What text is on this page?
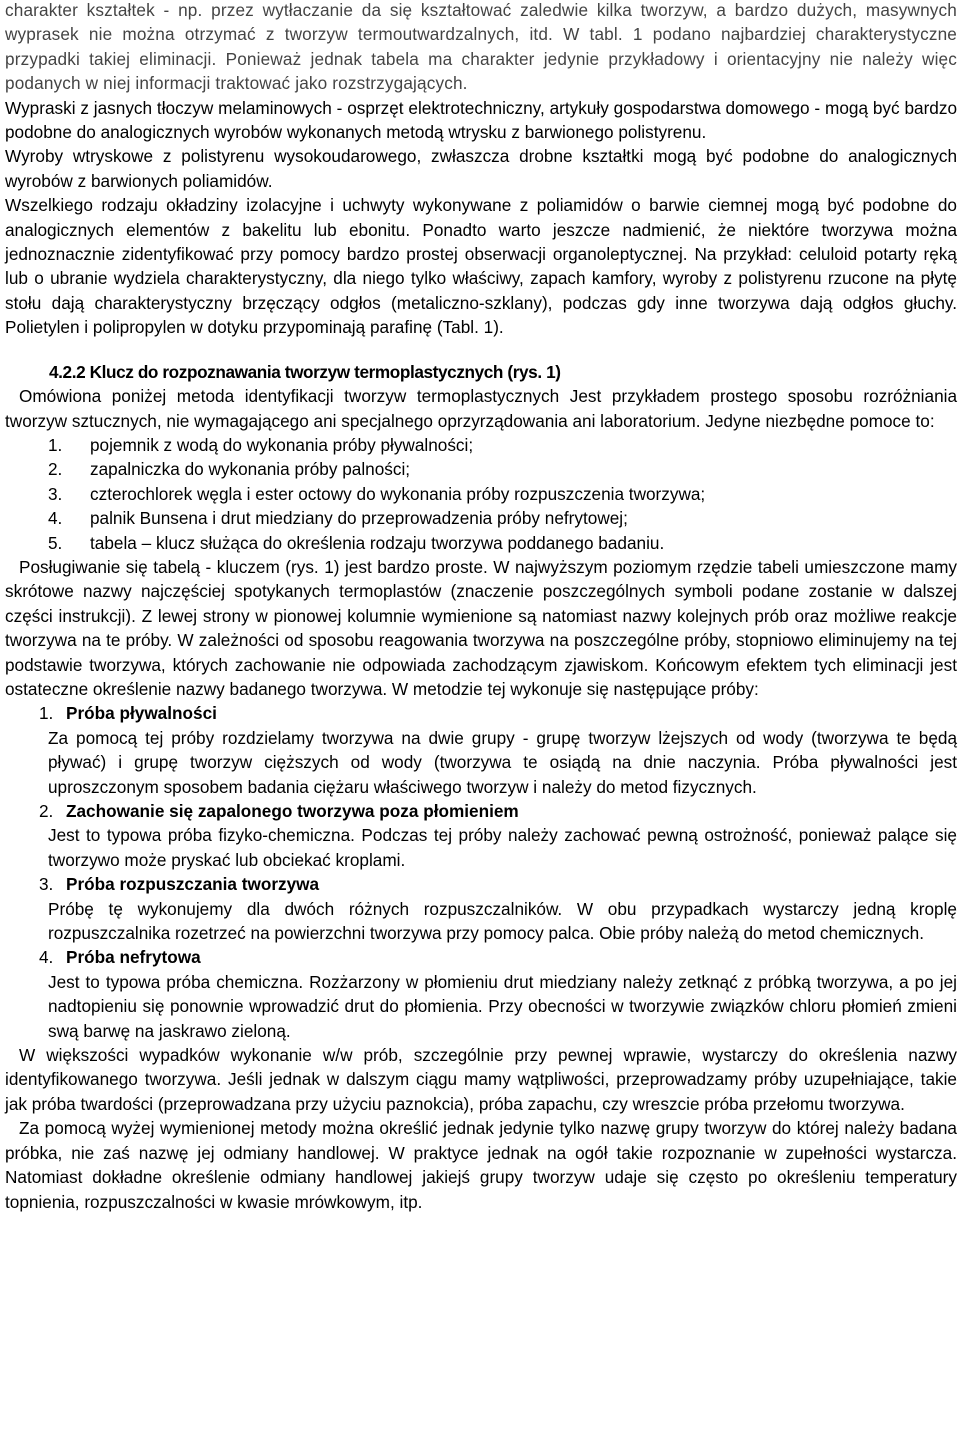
charakter kształtek - np. przez wytłaczanie da się kształtować zaledwie kilka tworzyw, a bardzo dużych, masywnych wyprasek nie można otrzymać z tworzyw termoutwardzalnych, itd. W tabl. 1 podano najbardziej charakterystyczne przypadki takiej eliminacji. Ponieważ jednak tabela ma charakter jedynie przykładowy i orientacyjny nie należy więc podanych w niej informacji traktować jako rozstrzygających.

Wypraski z jasnych tłoczyw melaminowych - osprzęt elektrotechniczny, artykuły gospodarstwa domowego - mogą być bardzo podobne do analogicznych wyrobów wykonanych metodą wtrysku z barwionego polistyrenu.

Wyroby wtryskowe z polistyrenu wysokoudarowego, zwłaszcza drobne kształtki mogą być podobne do analogicznych wyrobów z barwionych poliamidów.

Wszelkiego rodzaju okładziny izolacyjne i uchwyty wykonywane z poliamidów o barwie ciemnej mogą być podobne do analogicznych elementów z bakelitu lub ebonitu. Ponadto warto jeszcze nadmienić, że niektóre tworzywa można jednoznacznie zidentyfikować przy pomocy bardzo prostej obserwacji organoleptycznej. Na przykład: celuloid potarty ręką lub o ubranie wydziela charakterystyczny, dla niego tylko właściwy, zapach kamfory, wyroby z polistyrenu rzucone na płytę stołu dają charakterystyczny brzęczący odgłos (metaliczno-szklany), podczas gdy inne tworzywa dają odgłos głuchy. Polietylen i polipropylen w dotyku przypominają parafinę (Tabl. 1).

4.2.2 Klucz do rozpoznawania tworzyw termoplastycznych (rys. 1)

Omówiona poniżej metoda identyfikacji tworzyw termoplastycznych Jest przykładem prostego sposobu rozróżniania tworzyw sztucznych, nie wymagającego ani specjalnego oprzyrządowania ani laboratorium. Jedyne niezbędne pomoce to:

1.	pojemnik z wodą do wykonania próby pływalności;
2.	zapalniczka do wykonania próby palności;
3.	czterochlorek węgla i ester octowy do wykonania próby rozpuszczenia tworzywa;
4.	palnik Bunsena i drut miedziany do przeprowadzenia próby nefrytowej;
5.	tabela – klucz służąca do określenia rodzaju tworzywa poddanego badaniu.

Posługiwanie się tabelą - kluczem (rys. 1) jest bardzo proste. W najwyższym poziomym rzędzie tabeli umieszczone mamy skrótowe nazwy najczęściej spotykanych termoplastów (znaczenie poszczególnych symboli podane zostanie w dalszej części instrukcji). Z lewej strony w pionowej kolumnie wymienione są natomiast nazwy kolejnych prób oraz możliwe reakcje tworzywa na te próby. W zależności od sposobu reagowania tworzywa na poszczególne próby, stopniowo eliminujemy na tej podstawie tworzywa, których zachowanie nie odpowiada zachodzącym zjawiskom. Końcowym efektem tych eliminacji jest ostateczne określenie nazwy badanego tworzywa. W metodzie tej wykonuje się następujące próby:

1. Próba pływalności

Za pomocą tej próby rozdzielamy tworzywa na dwie grupy - grupę tworzyw lżejszych od wody (tworzywa te będą pływać) i grupę tworzyw cięższych od wody (tworzywa te osiądą na dnie naczynia. Próba pływalności jest uproszczonym sposobem badania ciężaru właściwego tworzyw i należy do metod fizycznych.

2. Zachowanie się zapalonego tworzywa poza płomieniem

Jest to typowa próba fizyko-chemiczna. Podczas tej próby należy zachować pewną ostrożność, ponieważ palące się tworzywo może pryskać lub obciekać kroplami.

3. Próba rozpuszczania tworzywa

Próbę tę wykonujemy dla dwóch różnych rozpuszczalników. W obu przypadkach wystarczy jedną kroplę rozpuszczalnika rozetrzeć na powierzchni tworzywa przy pomocy palca. Obie próby należą do metod chemicznych.

4. Próba nefrytowa

Jest to typowa próba chemiczna. Rozżarzony w płomieniu drut miedziany należy zetknąć z próbką tworzywa, a po jej nadtopieniu się ponownie wprowadzić drut do płomienia. Przy obecności w tworzywie związków chloru płomień zmieni swą barwę na jaskrawo zieloną.

W większości wypadków wykonanie w/w prób, szczególnie przy pewnej wprawie, wystarczy do określenia nazwy identyfikowanego tworzywa. Jeśli jednak w dalszym ciągu mamy wątpliwości, przeprowadzamy próby uzupełniające, takie jak próba twardości (przeprowadzana przy użyciu paznokcia), próba zapachu, czy wreszcie próba przełomu tworzywa.

Za pomocą wyżej wymienionej metody można określić jednak jedynie tylko nazwę grupy tworzyw do której należy badana próbka, nie zaś nazwę jej odmiany handlowej. W praktyce jednak na ogół takie rozpoznanie w zupełności wystarcza. Natomiast dokładne określenie odmiany handlowej jakiejś grupy tworzyw udaje się często po określeniu temperatury topnienia, rozpuszczalności w kwasie mrówkowym, itp.
